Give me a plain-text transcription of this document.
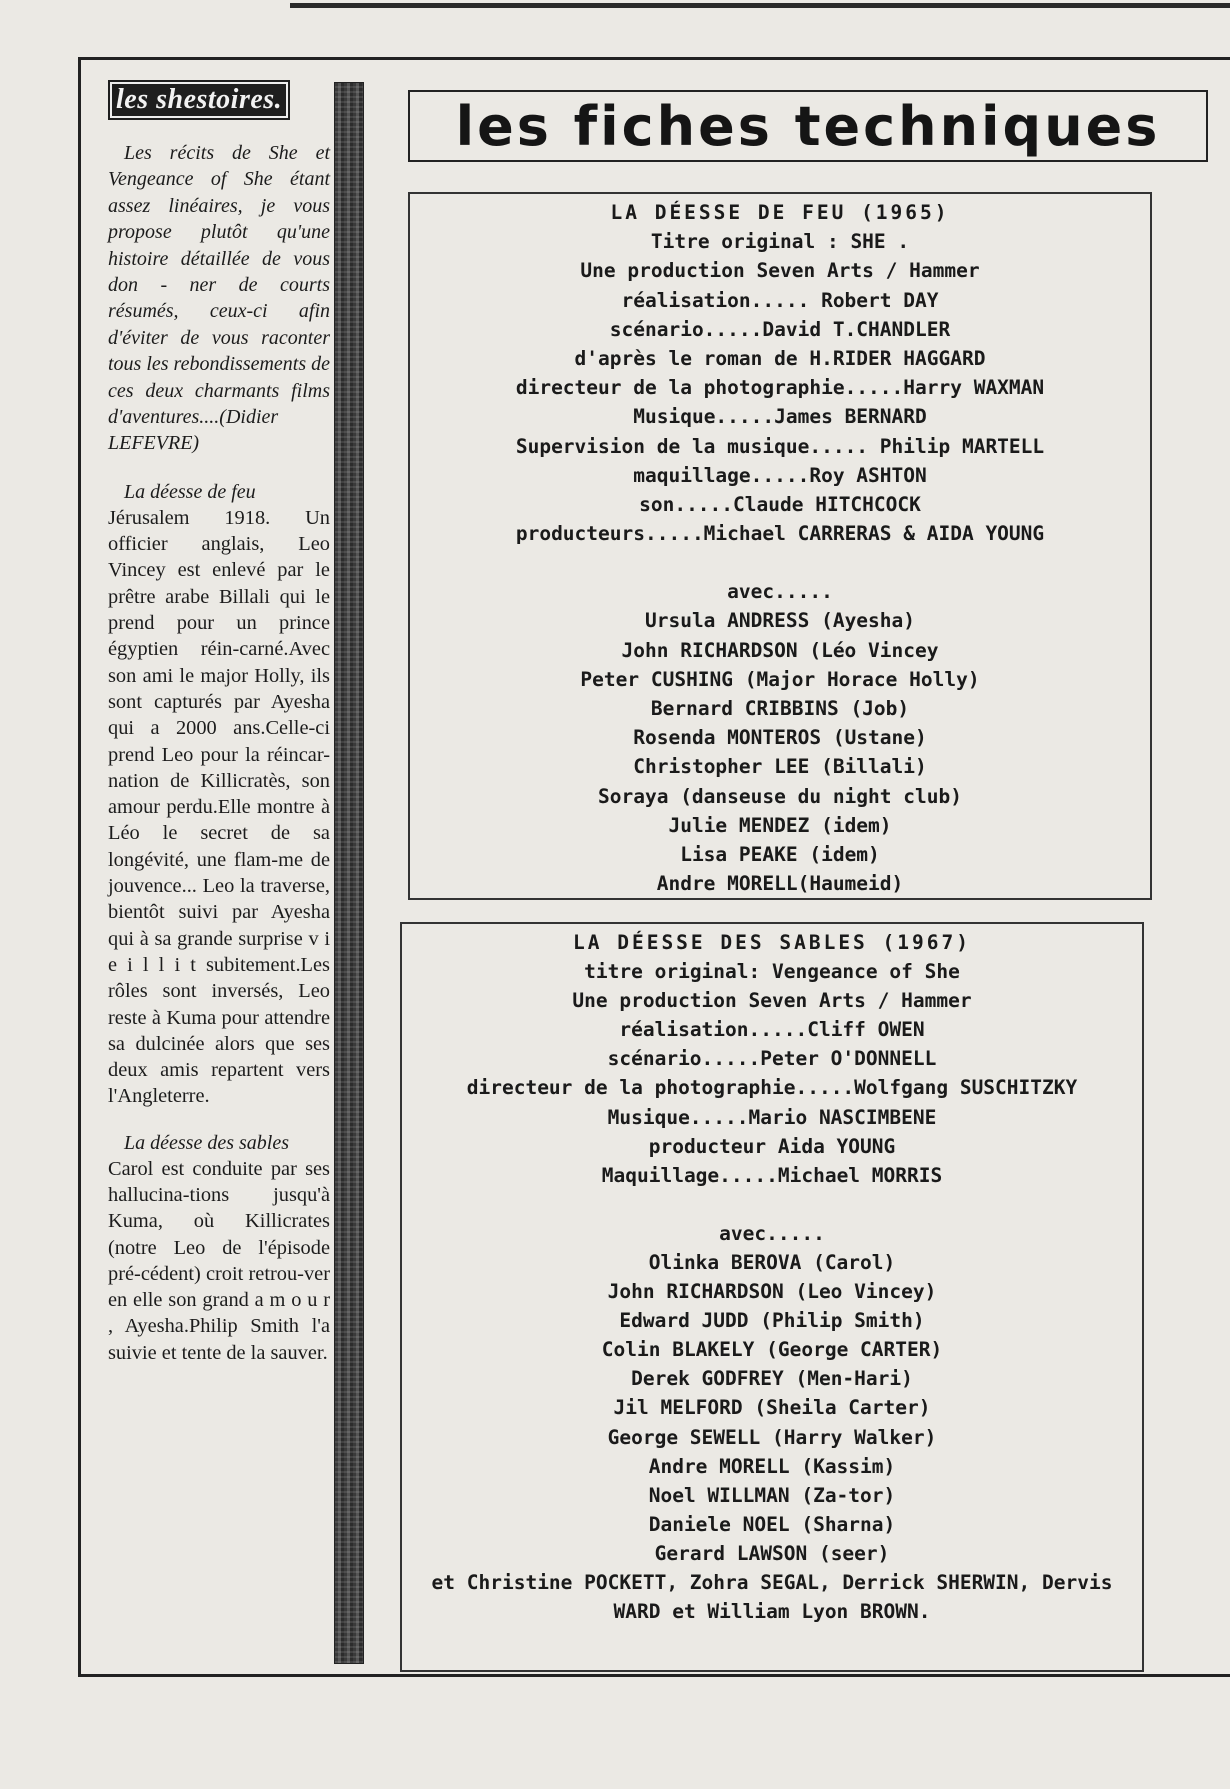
les shestoires.
Les récits de She et Vengeance of She étant assez linéaires, je vous propose plutôt qu'une histoire détaillée de vous don - ner de courts résumés, ceux-ci afin d'éviter de vous raconter tous les rebondissements de ces deux charmants films d'aventures....(Didier LEFEVRE)
La déesse de feu
Jérusalem 1918. Un officier anglais, Leo Vincey est enlevé par le prêtre arabe Billali qui le prend pour un prince égyptien réin-carné.Avec son ami le major Holly, ils sont capturés par Ayesha qui a 2000 ans.Celle-ci prend Leo pour la réincar-nation de Killicratès, son amour perdu.Elle montre à Léo le secret de sa longévité, une flam-me de jouvence... Leo la traverse, bientôt suivi par Ayesha qui à sa grande surprise v i e i l l i t subitement.Les rôles sont inversés, Leo reste à Kuma pour attendre sa dulcinée alors que ses deux amis repartent vers l'Angleterre.
La déesse des sables
Carol est conduite par ses hallucina-tions jusqu'à Kuma, où Killicrates (notre Leo de l'épisode pré-cédent) croit retrou-ver en elle son grand a m o u r , Ayesha.Philip Smith l'a suivie et tente de la sauver.
les fiches techniques
LA DÉESSE DE FEU (1965)
Titre original : SHE .
Une production Seven Arts / Hammer
réalisation..... Robert DAY
scénario.....David T.CHANDLER
d'après le roman de H.RIDER HAGGARD
directeur de la photographie.....Harry WAXMAN
Musique.....James BERNARD
Supervision de la musique..... Philip MARTELL
maquillage.....Roy ASHTON
son.....Claude HITCHCOCK
producteurs.....Michael CARRERAS & AIDA YOUNG
avec.....
Ursula ANDRESS (Ayesha)
John RICHARDSON (Léo Vincey
Peter CUSHING (Major Horace Holly)
Bernard CRIBBINS (Job)
Rosenda MONTEROS (Ustane)
Christopher LEE (Billali)
Soraya (danseuse du night club)
Julie MENDEZ (idem)
Lisa PEAKE (idem)
Andre MORELL(Haumeid)
LA DÉESSE DES SABLES (1967)
titre original: Vengeance of She
Une production Seven Arts / Hammer
réalisation.....Cliff OWEN
scénario.....Peter O'DONNELL
directeur de la photographie.....Wolfgang SUSCHITZKY
Musique.....Mario NASCIMBENE
producteur Aida YOUNG
Maquillage.....Michael MORRIS
avec.....
Olinka BEROVA (Carol)
John RICHARDSON (Leo Vincey)
Edward JUDD (Philip Smith)
Colin BLAKELY (George CARTER)
Derek GODFREY (Men-Hari)
Jil MELFORD (Sheila Carter)
George SEWELL (Harry Walker)
Andre MORELL (Kassim)
Noel WILLMAN (Za-tor)
Daniele NOEL (Sharna)
Gerard LAWSON (seer)
et Christine POCKETT, Zohra SEGAL, Derrick SHERWIN, Dervis WARD et William Lyon BROWN.
